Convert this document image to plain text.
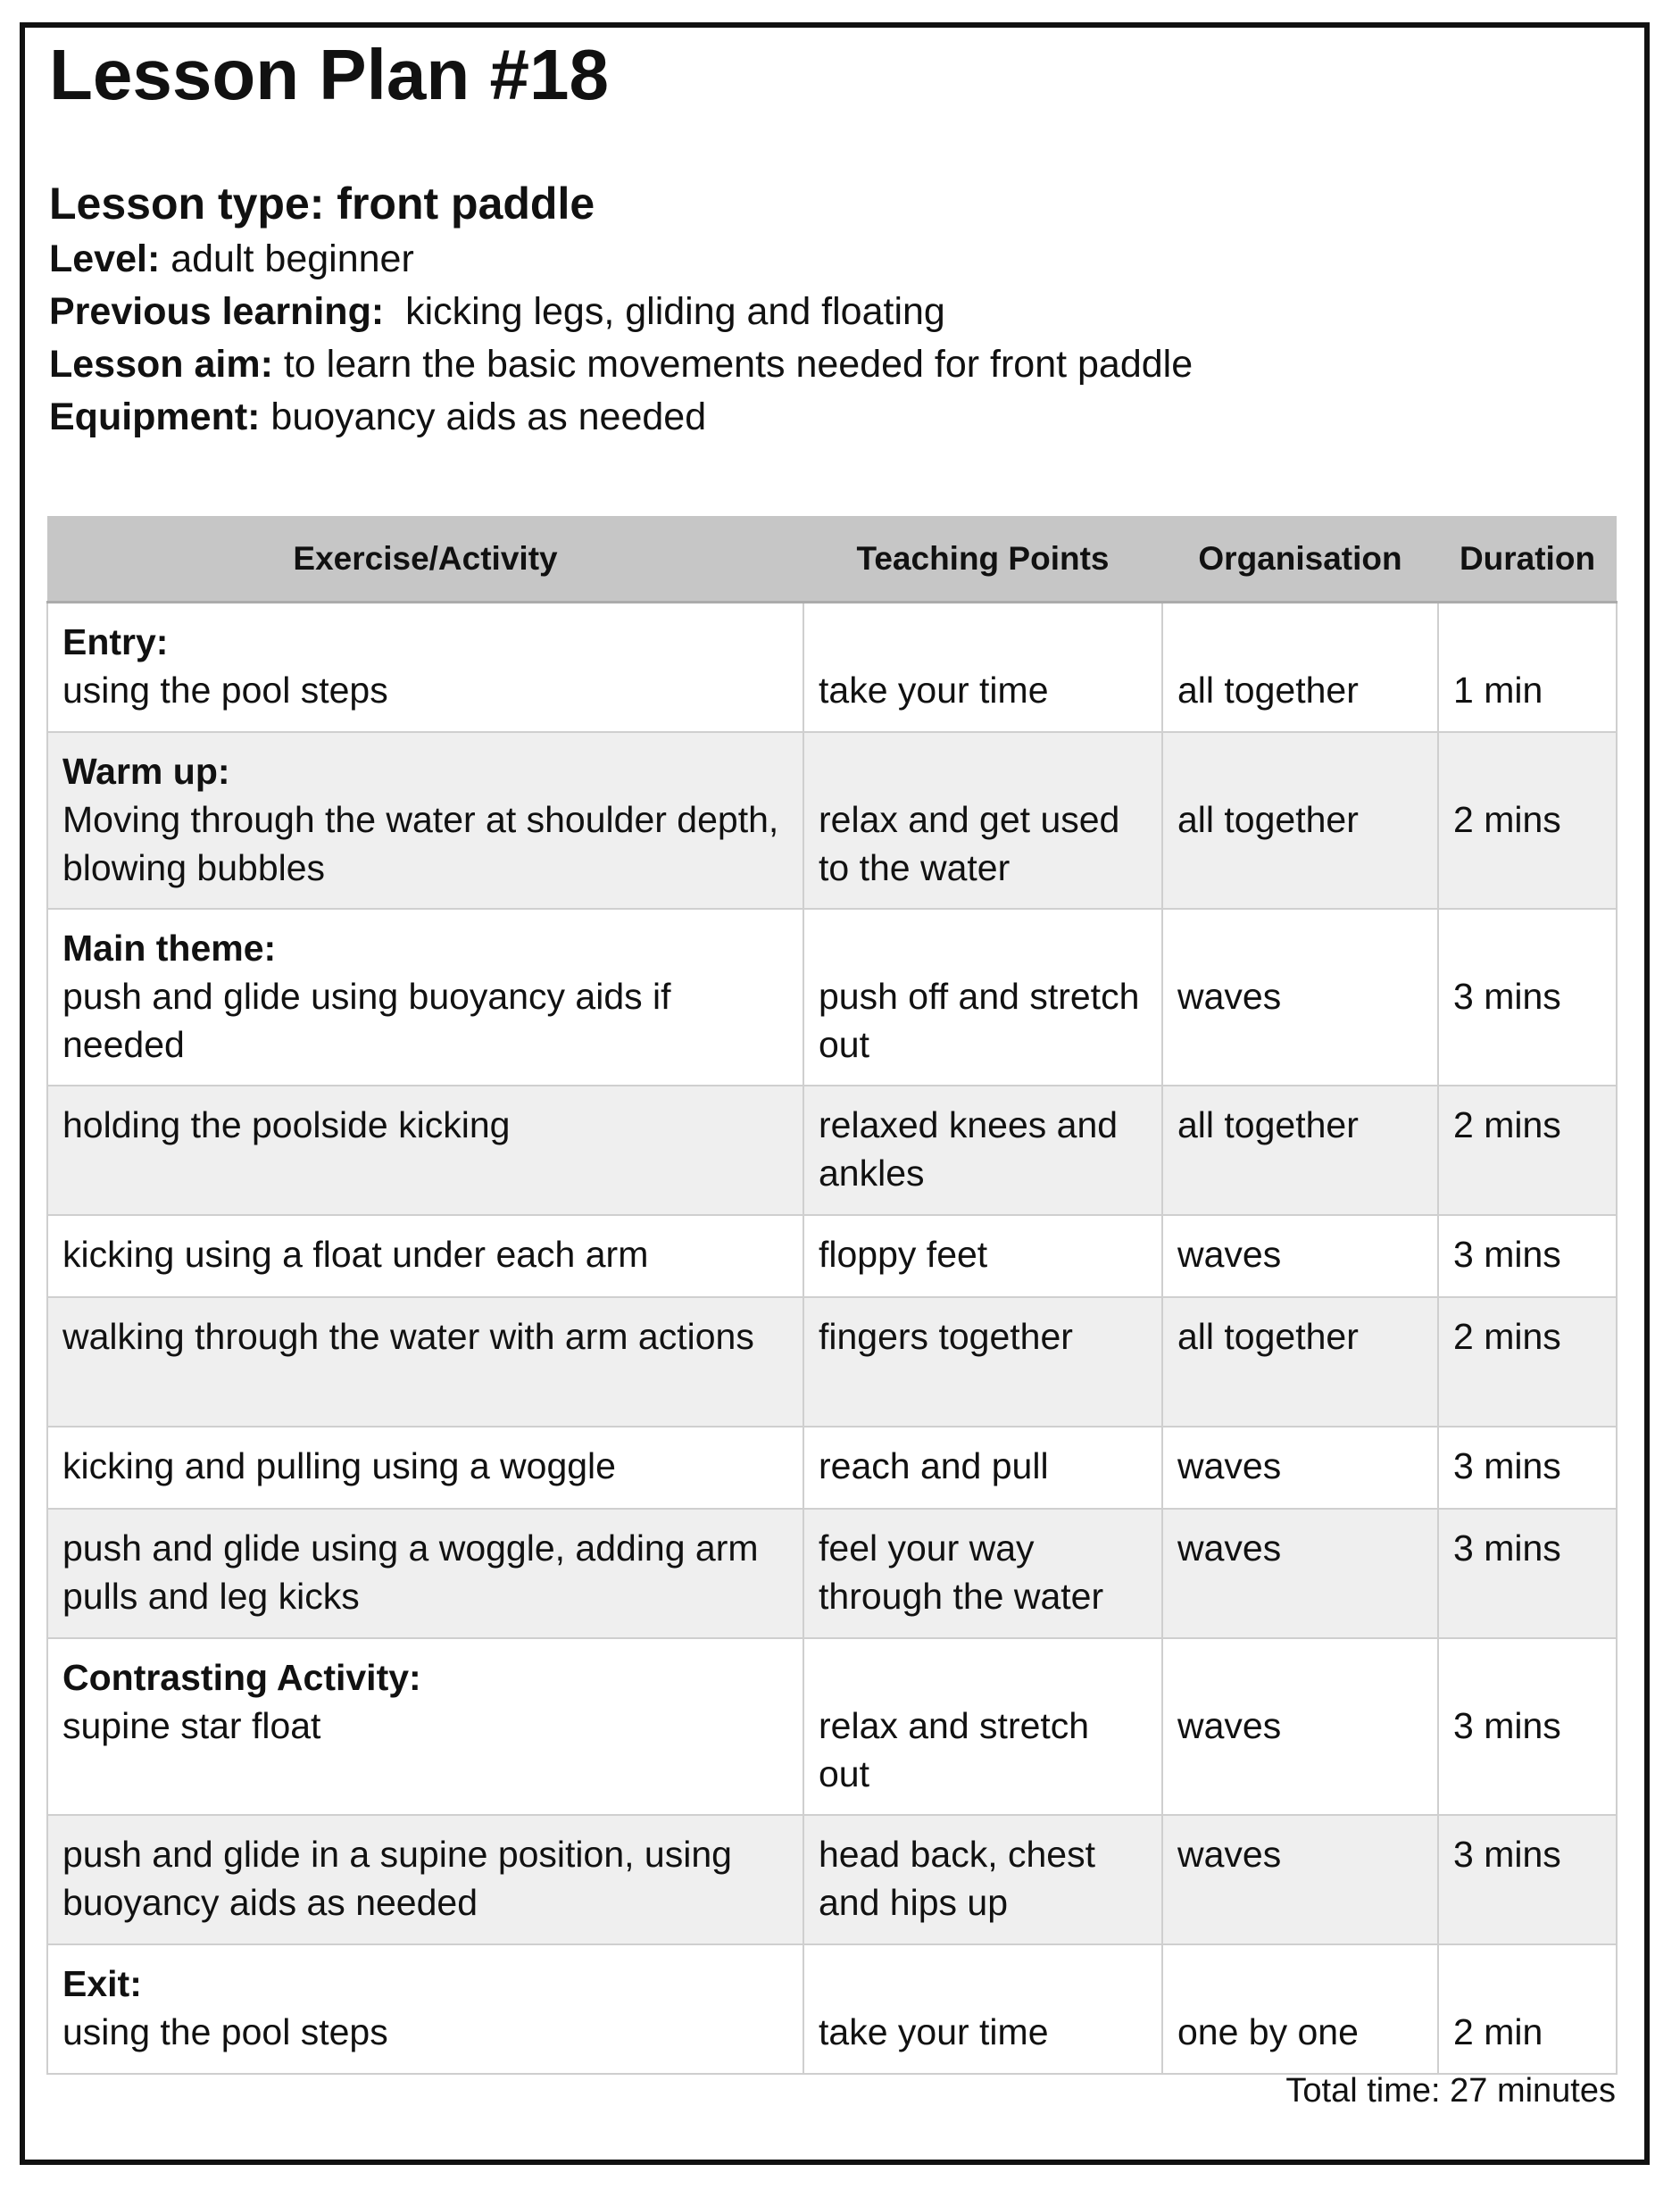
Lesson Plan #18
Lesson type: front paddle
Level: adult beginner
Previous learning:  kicking legs, gliding and floating
Lesson aim: to learn the basic movements needed for front paddle
Equipment: buoyancy aids as needed
Exercise/Activity	Teaching Points	Organisation	Duration

Entry:
using the pool steps	take your time	all together	1 min

Warm up:
Moving through the water at shoulder depth, blowing bubbles	relax and get used to the water	all together	2 mins

Main theme:
push and glide using buoyancy aids if needed	push off and stretch out	waves	3 mins
holding the poolside kicking	relaxed knees and ankles	all together	2 mins
kicking using a float under each arm	floppy feet	waves	3 mins
walking through the water with arm actions	fingers together	all together	2 mins
kicking and pulling using a woggle	reach and pull	waves	3 mins
push and glide using a woggle, adding arm pulls and leg kicks	feel your way through the water	waves	3 mins

Contrasting Activity:
supine star float	relax and stretch out	waves	3 mins
push and glide in a supine position, using buoyancy aids as needed	head back, chest and hips up	waves	3 mins

Exit:
using the pool steps	take your time	one by one	2 min
Total time: 27 minutes
